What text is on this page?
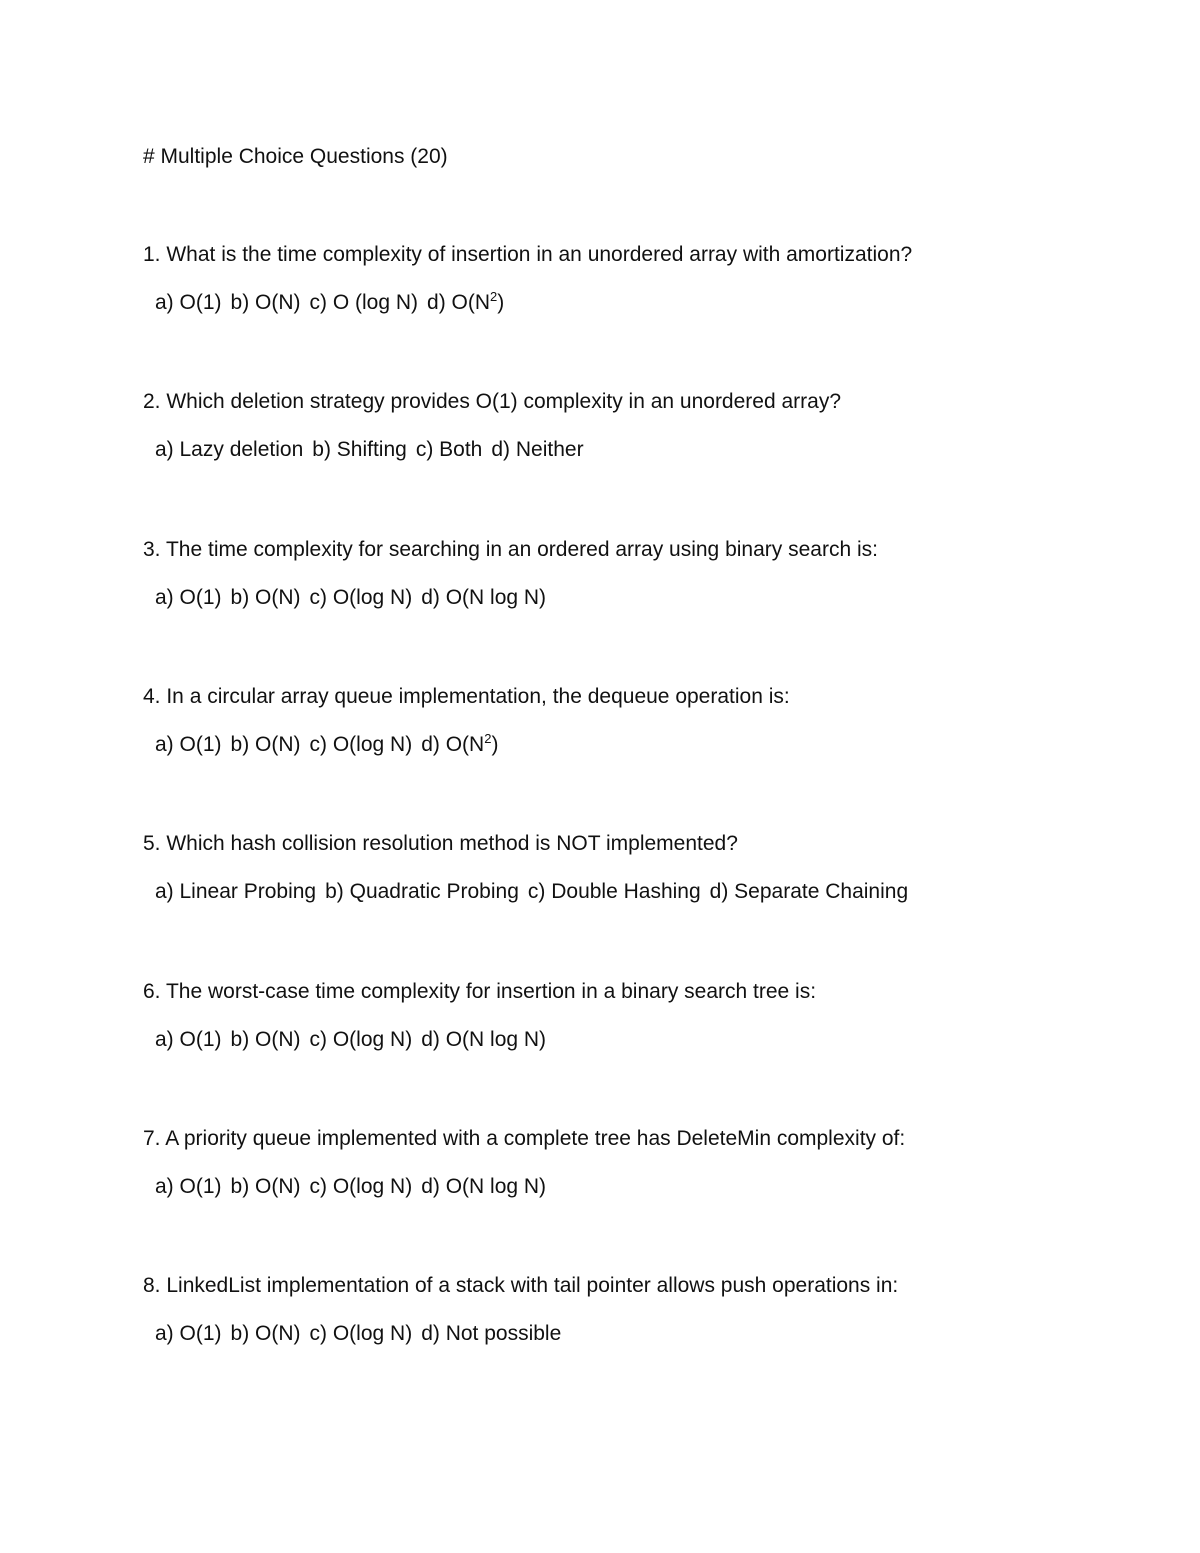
# Multiple Choice Questions (20)
1. What is the time complexity of insertion in an unordered array with amortization?
a) O(1) b) O(N) c) O (log N) d) $O(N^2)$
2. Which deletion strategy provides O(1) complexity in an unordered array?
a) Lazy deletion b) Shifting c) Both d) Neither
3. The time complexity for searching in an ordered array using binary search is:
a) O(1) b) O(N) c) O(log N) d) O(N log N)
4. In a circular array queue implementation, the dequeue operation is:
a) O(1) b) O(N) c) O(log N) d) $O(N^2)$
5. Which hash collision resolution method is NOT implemented?
a) Linear Probing b) Quadratic Probing c) Double Hashing d) Separate Chaining
6. The worst-case time complexity for insertion in a binary search tree is:
a) O(1) b) O(N) c) O(log N) d) O(N log N)
7. A priority queue implemented with a complete tree has DeleteMin complexity of:
a) O(1) b) O(N) c) O(log N) d) O(N log N)
8. LinkedList implementation of a stack with tail pointer allows push operations in:
a) O(1) b) O(N) c) O(log N) d) Not possible
